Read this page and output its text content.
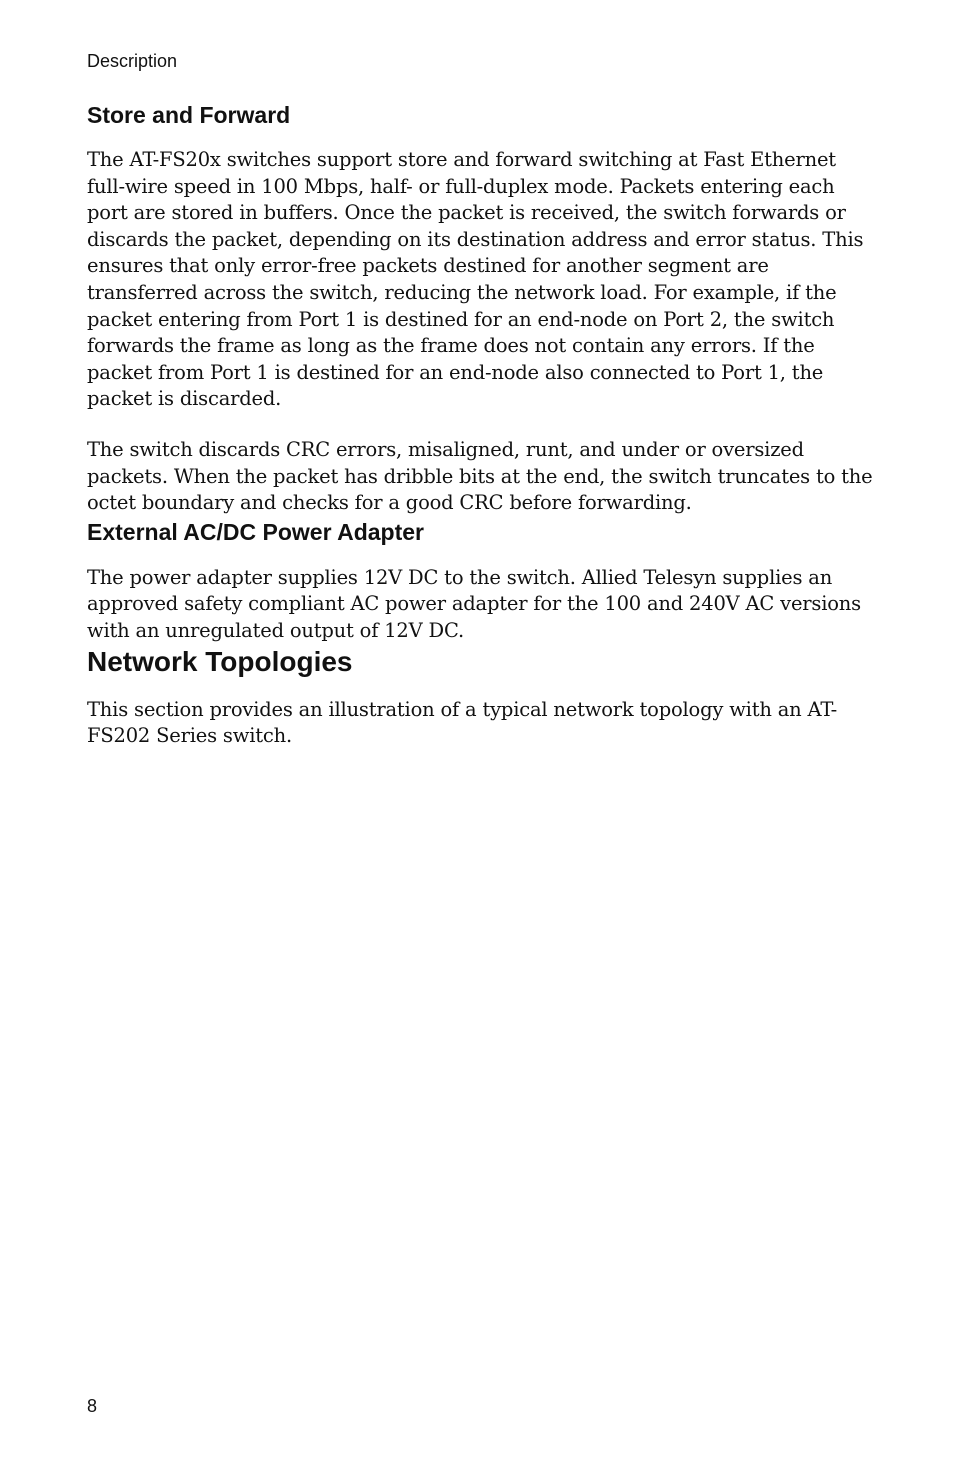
Description
Store and Forward

The AT-FS20x switches support store and forward switching at Fast Ethernet full-wire speed in 100 Mbps, half- or full-duplex mode. Packets entering each port are stored in buffers. Once the packet is received, the switch forwards or discards the packet, depending on its destination address and error status. This ensures that only error-free packets destined for another segment are transferred across the switch, reducing the network load. For example, if the packet entering from Port 1 is destined for an end-node on Port 2, the switch forwards the frame as long as the frame does not contain any errors. If the packet from Port 1 is destined for an end-node also connected to Port 1, the packet is discarded.

The switch discards CRC errors, misaligned, runt, and under or oversized packets. When the packet has dribble bits at the end, the switch truncates to the octet boundary and checks for a good CRC before forwarding.

External AC/DC Power Adapter

The power adapter supplies 12V DC to the switch. Allied Telesyn supplies an approved safety compliant AC power adapter for the 100 and 240V AC versions with an unregulated output of 12V DC.

Network Topologies

This section provides an illustration of a typical network topology with an AT-FS202 Series switch.

8
